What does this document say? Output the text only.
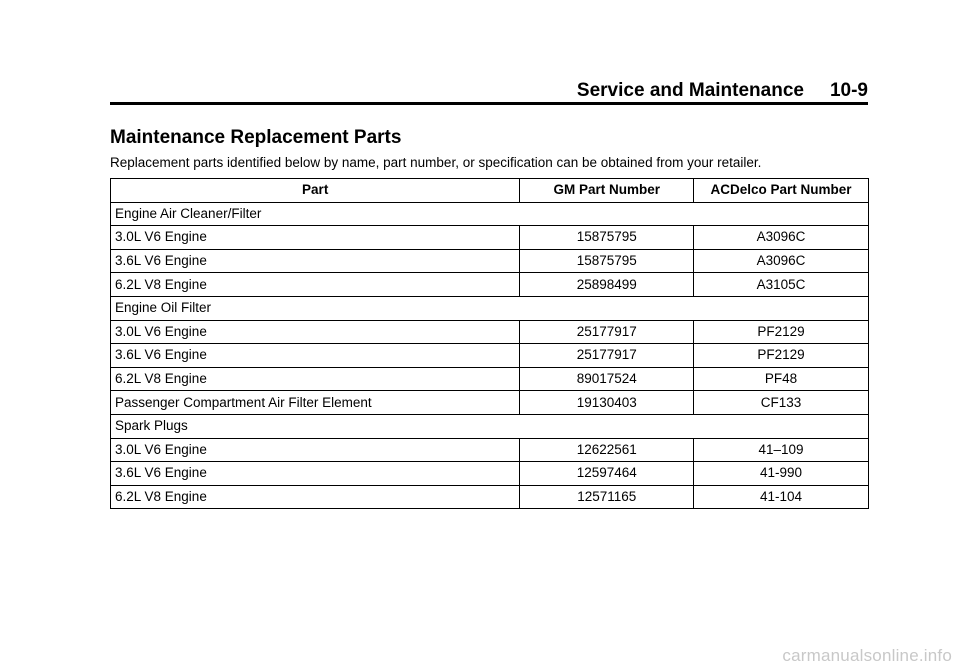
Service and Maintenance 10-9
Maintenance Replacement Parts
Replacement parts identified below by name, part number, or specification can be obtained from your retailer.
Part	GM Part Number	ACDelco Part Number
Engine Air Cleaner/Filter		
3.0L V6 Engine	15875795	A3096C
3.6L V6 Engine	15875795	A3096C
6.2L V8 Engine	25898499	A3105C
Engine Oil Filter		
3.0L V6 Engine	25177917	PF2129
3.6L V6 Engine	25177917	PF2129
6.2L V8 Engine	89017524	PF48
Passenger Compartment Air Filter Element	19130403	CF133
Spark Plugs		
3.0L V6 Engine	12622561	41–109
3.6L V6 Engine	12597464	41-990
6.2L V8 Engine	12571165	41-104
carmanualsonline.info
